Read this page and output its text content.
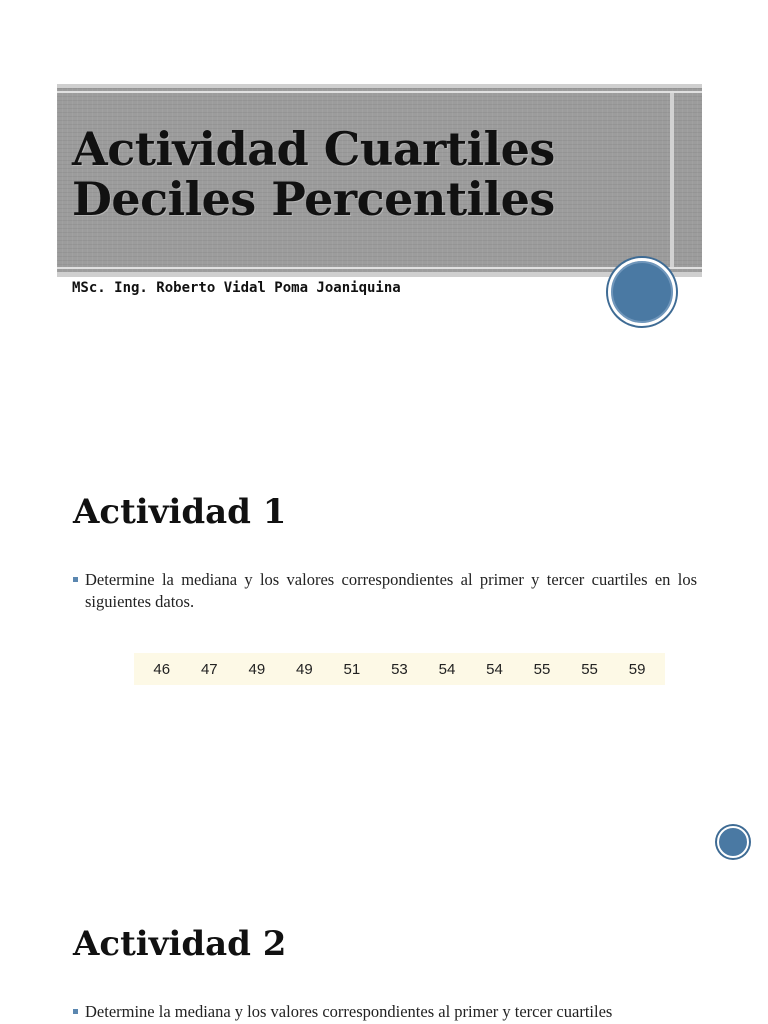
Actividad Cuartiles
Deciles Percentiles

MSc. Ing. Roberto Vidal Poma Joaniquina

Actividad 1

Determine la mediana y los valores correspondientes al primer y tercer cuartiles en los siguientes datos.

46	47	49	49	51	53	54	54	55	55	59
Actividad 2

Determine la mediana y los valores correspondientes al primer y tercer cuartiles
